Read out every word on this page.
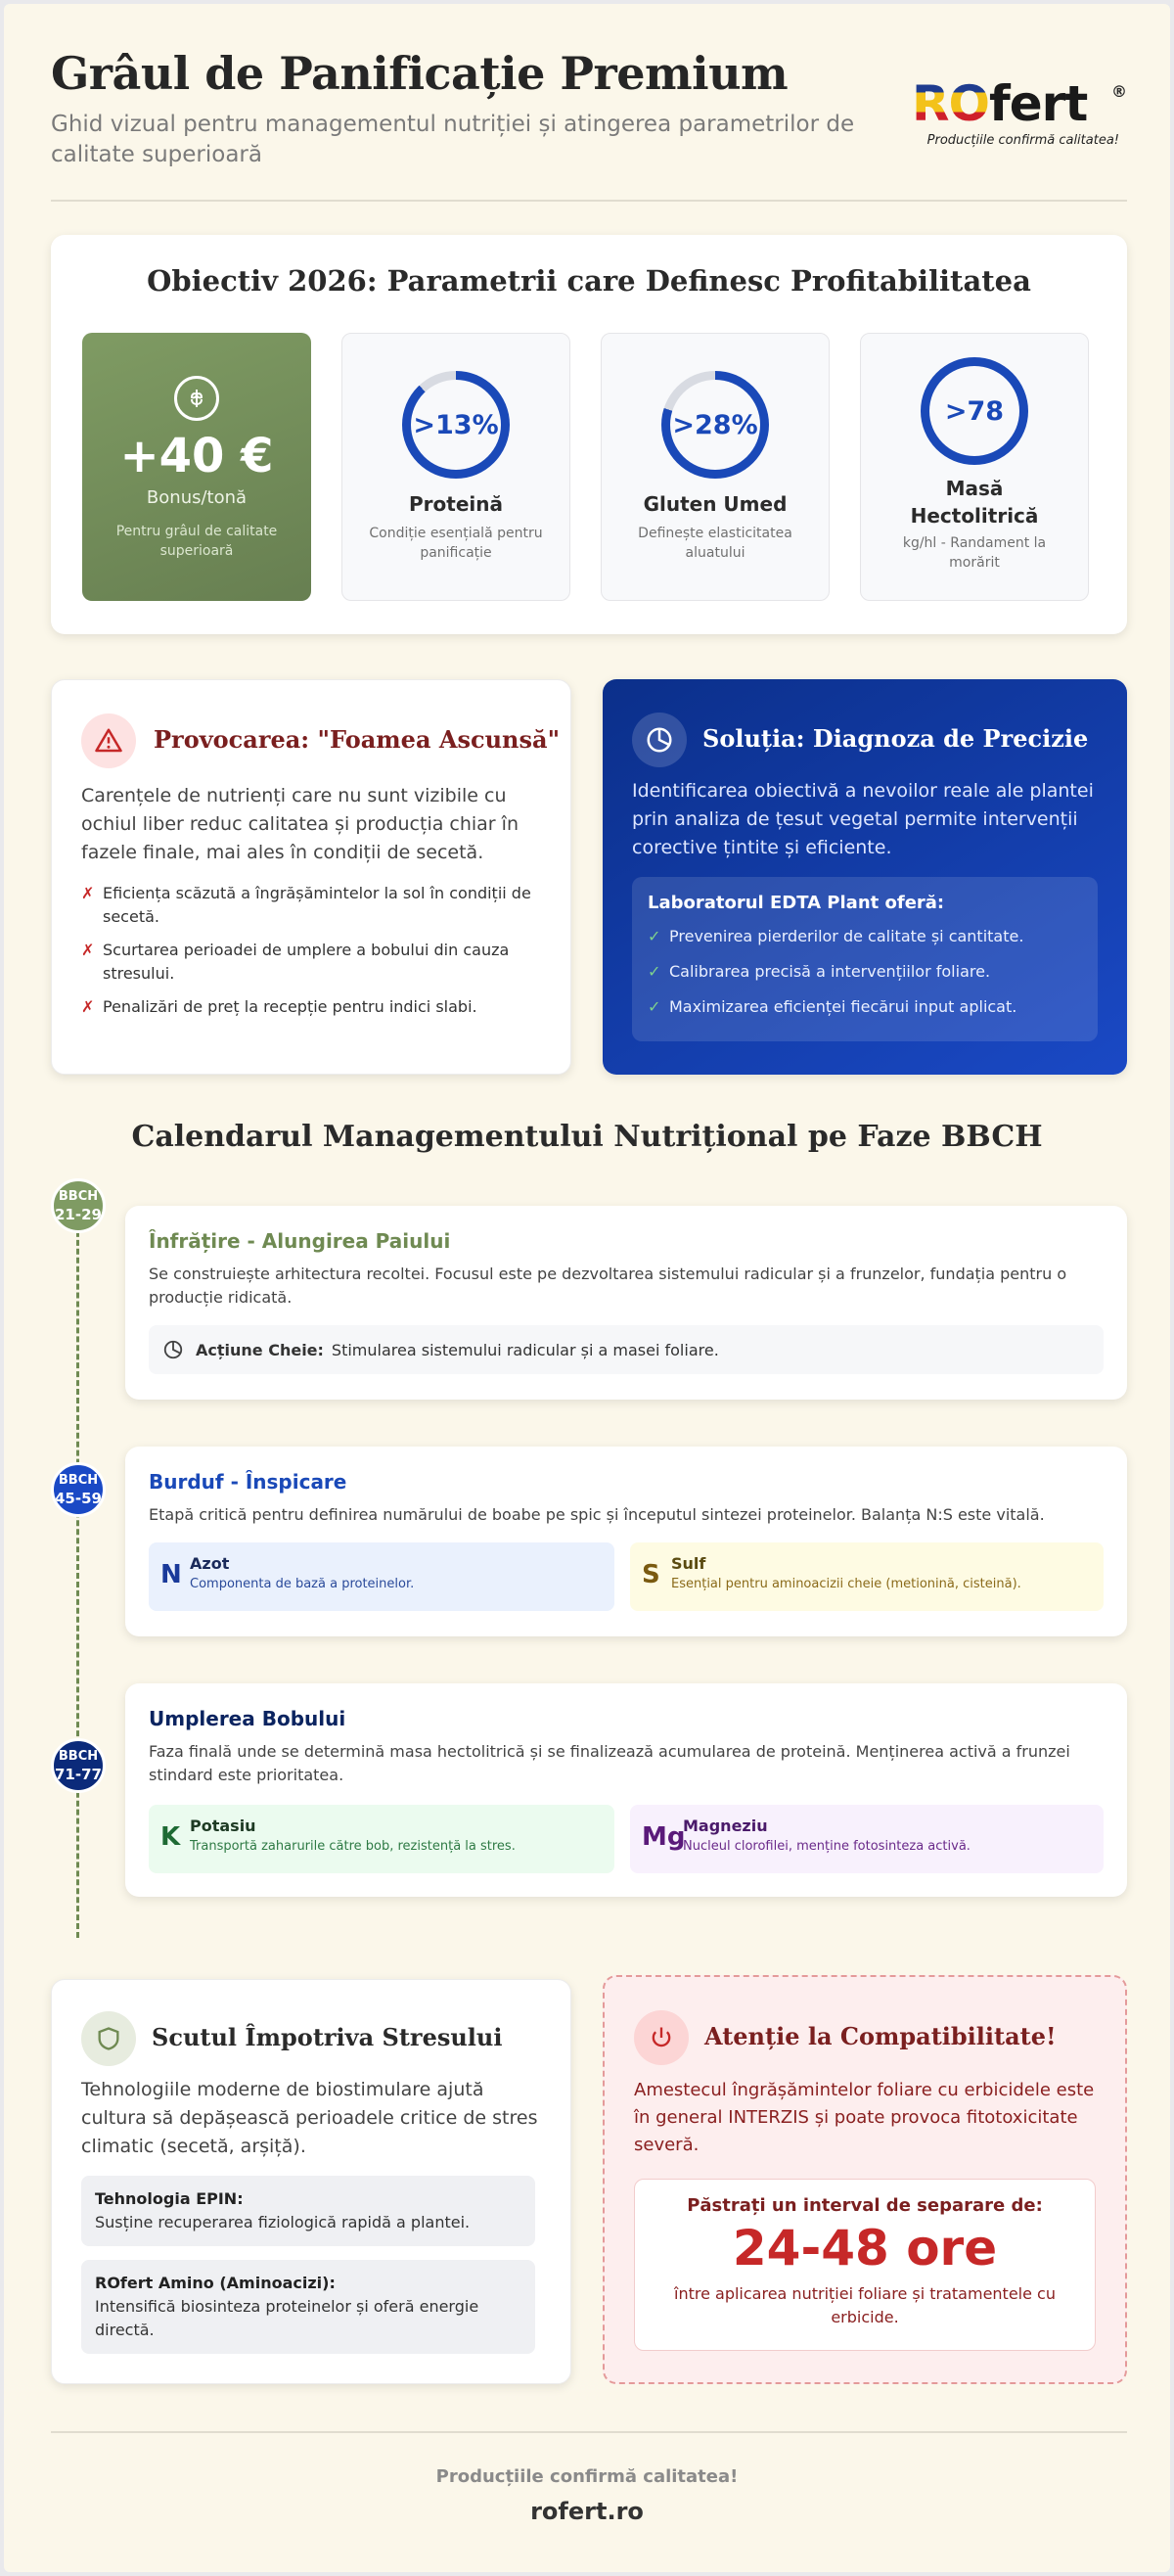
Grâul de Panificație Premium
Ghid vizual pentru managementul nutriției și atingerea parametrilor de calitate superioară
ROfert	®
Producțiile confirmă calitatea!
Obiectiv 2026: Parametrii care Definesc Profitabilitatea
+40 €
Bonus/tonă
Pentru grâul de calitate superioară
>13%
Proteină
Condiție esențială pentru panificație
>28%
Gluten Umed
Definește elasticitatea aluatului
>78
Masă Hectolitrică
kg/hl - Randament la morărit
Provocarea: "Foamea Ascunsă"
Carențele de nutrienți care nu sunt vizibile cu ochiul liber reduc calitatea și producția chiar în fazele finale, mai ales în condiții de secetă.
✗ Eficiența scăzută a îngrășămintelor la sol în condiții de secetă.
✗ Scurtarea perioadei de umplere a bobului din cauza stresului.
✗ Penalizări de preț la recepție pentru indici slabi.
Soluția: Diagnoza de Precizie
Identificarea obiectivă a nevoilor reale ale plantei prin analiza de țesut vegetal permite intervenții corective țintite și eficiente.
Laboratorul EDTA Plant oferă:
✓ Prevenirea pierderilor de calitate și cantitate.
✓ Calibrarea precisă a intervențiilor foliare.
✓ Maximizarea eficienței fiecărui input aplicat.
Calendarul Managementului Nutrițional pe Faze BBCH
BBCH
21-29
Înfrățire - Alungirea Paiului
Se construiește arhitectura recoltei. Focusul este pe dezvoltarea sistemului radicular și a frunzelor, fundația pentru o producție ridicată.
Acțiune Cheie: Stimularea sistemului radicular și a masei foliare.
BBCH
45-59
Burduf - Înspicare
Etapă critică pentru definirea numărului de boabe pe spic și începutul sintezei proteinelor. Balanța N:S este vitală.
N Azot
Componenta de bază a proteinelor.	S Sulf
Esențial pentru aminoacizii cheie (metionină, cisteină).
BBCH
71-77
Umplerea Bobului
Faza finală unde se determină masa hectolitrică și se finalizează acumularea de proteină. Menținerea activă a frunzei stindard este prioritatea.
K Potasiu
Transportă zaharurile către bob, rezistență la stres.	Mg
Magneziu
Nucleul clorofilei, menține fotosinteza activă.
Scutul Împotriva Stresului
Tehnologiile moderne de biostimulare ajută cultura să depășească perioadele critice de stres climatic (secetă, arșiță).
Tehnologia EPIN:
Susține recuperarea fiziologică rapidă a plantei.
ROfert Amino (Aminoacizi):
Intensifică biosinteza proteinelor și oferă energie directă.
Atenție la Compatibilitate!
Amestecul îngrășămintelor foliare cu erbicidele este în general INTERZIS și poate provoca fitotoxicitate severă.
Păstrați un interval de separare de:
24-48 ore
între aplicarea nutriției foliare și tratamentele cu erbicide.
Producțiile confirmă calitatea!
rofert.ro
